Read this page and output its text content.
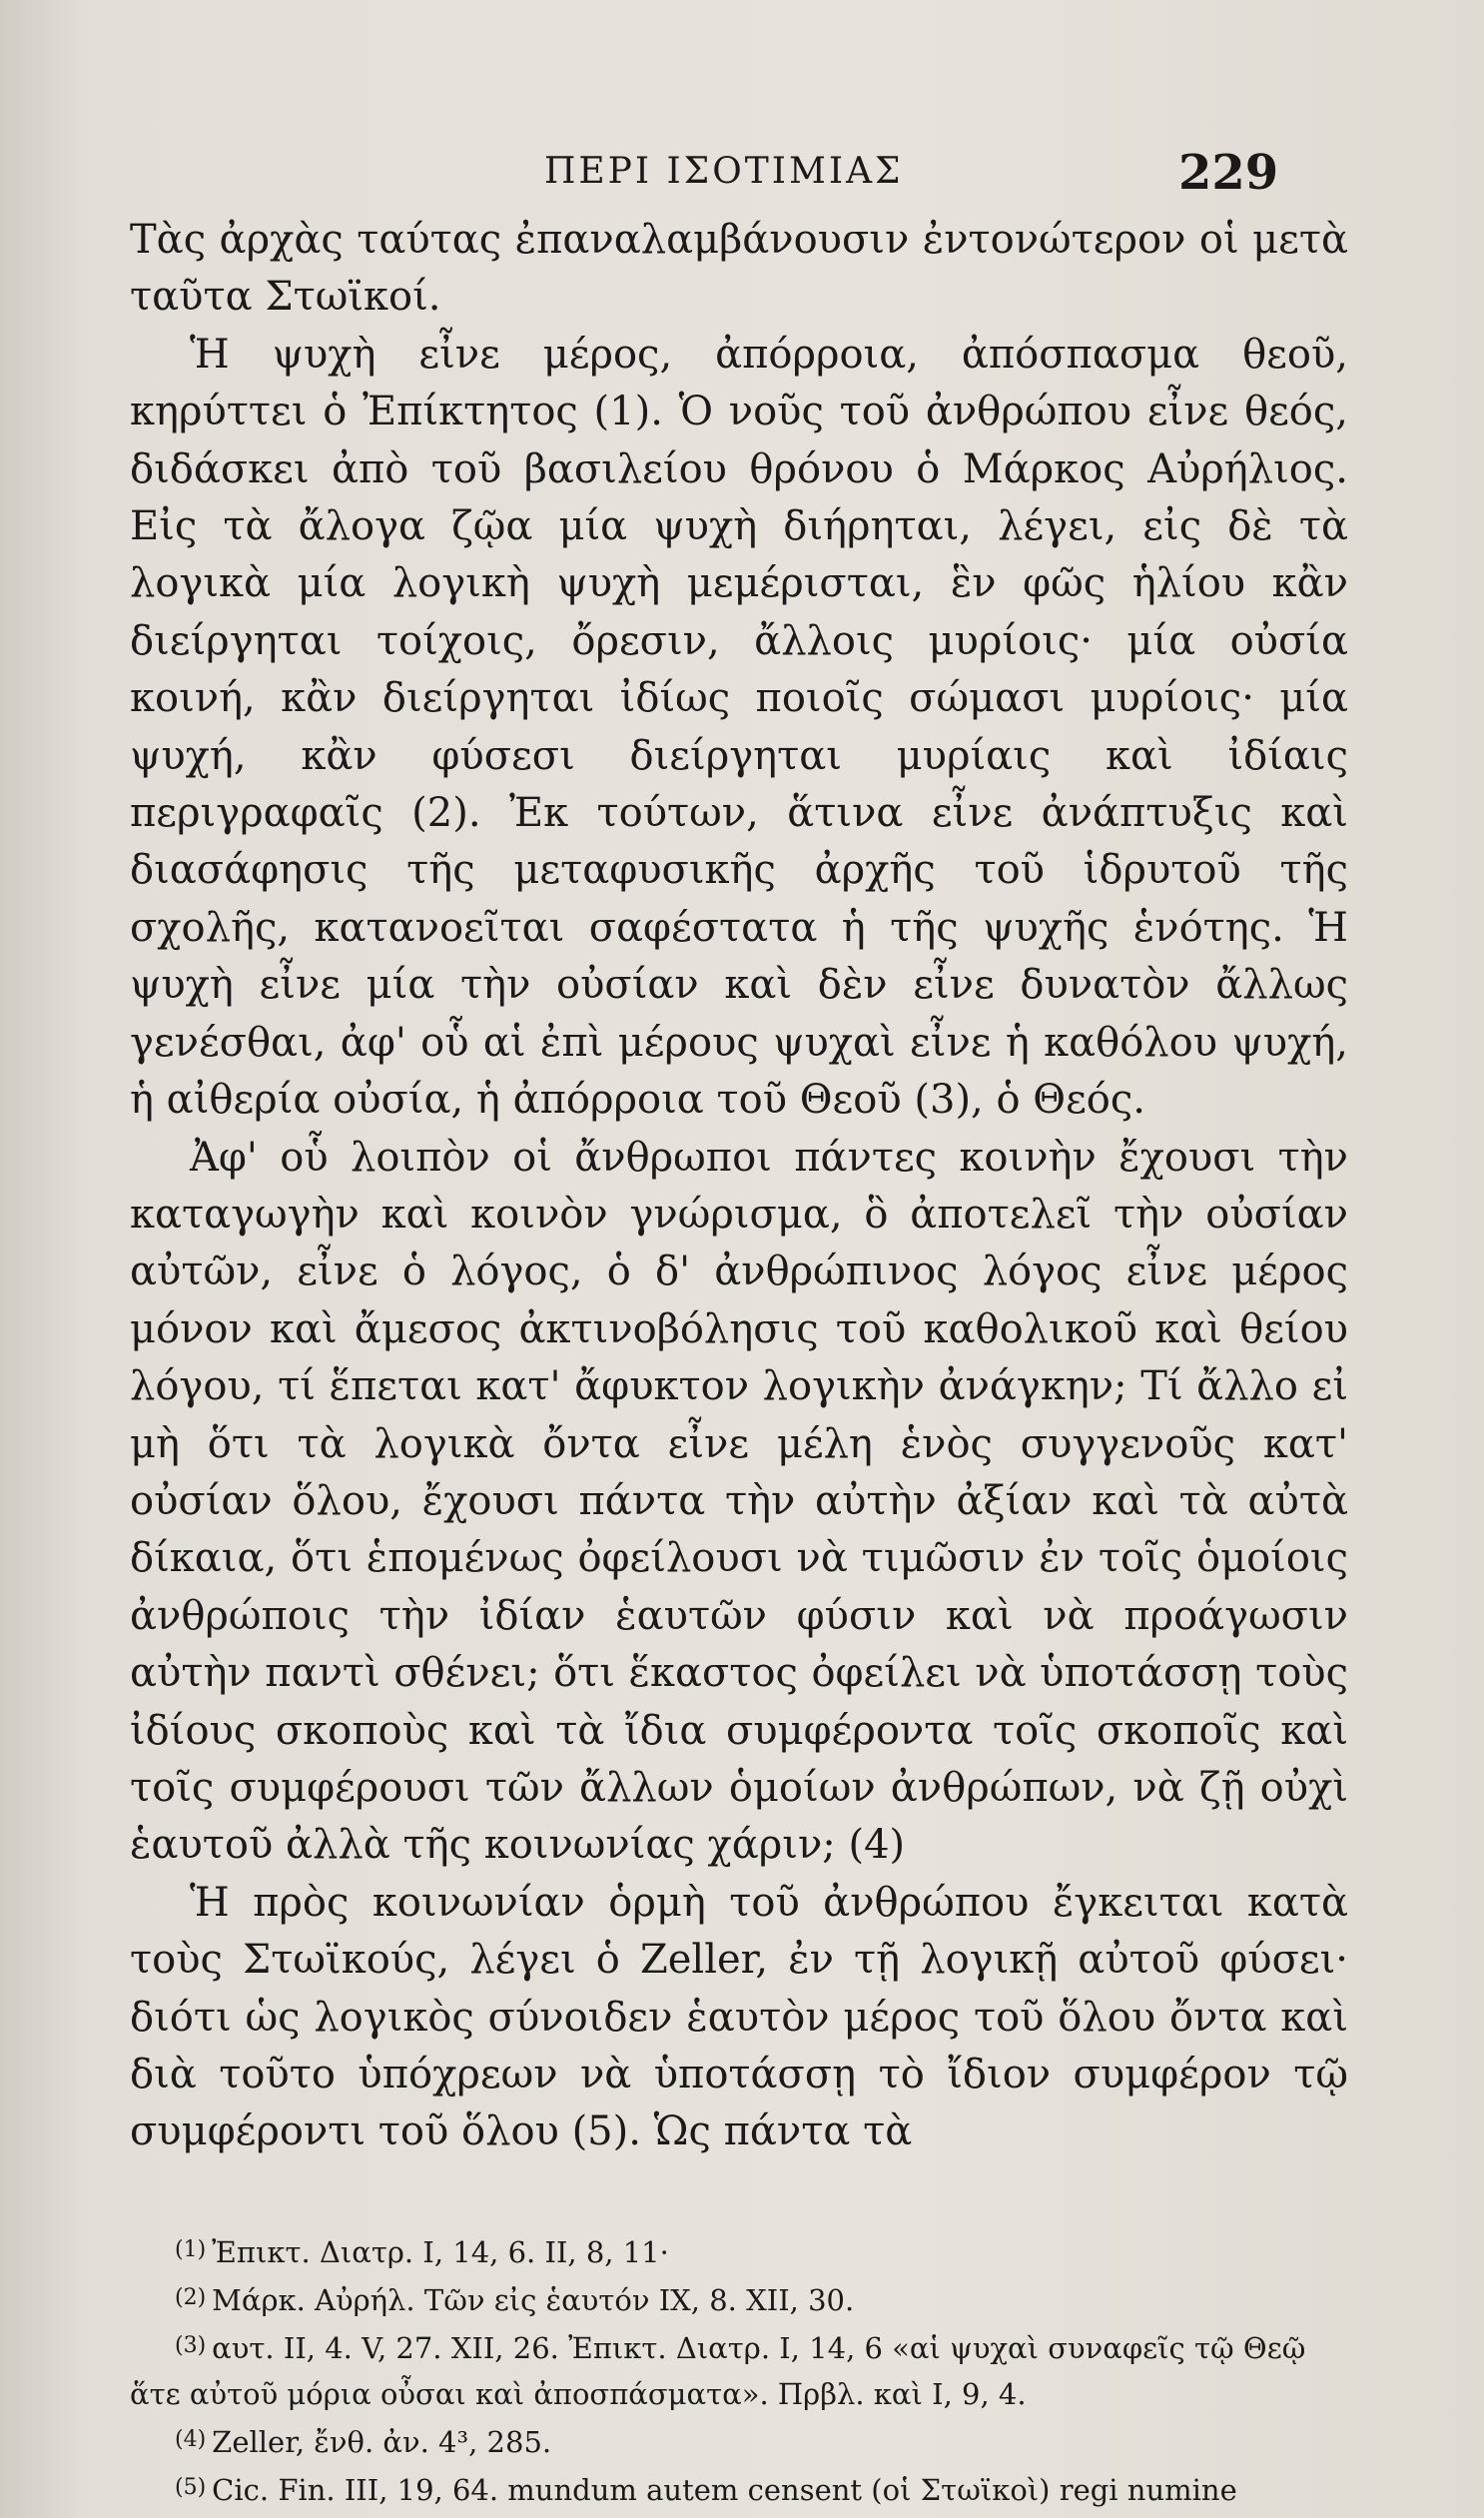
ΠΕΡΙ ΙΣΟΤΙΜΙΑΣ	229

Τὰς ἀρχὰς ταύτας ἐπαναλαμβάνουσιν ἐντονώτερον οἱ μετὰ ταῦτα Στωϊκοί.

Ἡ ψυχὴ εἶνε μέρος, ἀπόρροια, ἀπόσπασμα θεοῦ, κηρύττει ὁ Ἐπίκτητος (1). Ὁ νοῦς τοῦ ἀνθρώπου εἶνε θεός, διδάσκει ἀπὸ τοῦ βασιλείου θρόνου ὁ Μάρκος Αὐρήλιος. Εἰς τὰ ἄλογα ζῷα μία ψυχὴ διήρηται, λέγει, εἰς δὲ τὰ λογικὰ μία λογικὴ ψυχὴ μεμέρισται, ἓν φῶς ἡλίου κἂν διείργηται τοίχοις, ὄρεσιν, ἄλλοις μυρίοις· μία οὐσία κοινή, κἂν διείργηται ἰδίως ποιοῖς σώμασι μυρίοις· μία ψυχή, κἂν φύσεσι διείργηται μυρίαις καὶ ἰδίαις περιγραφαῖς (2). Ἐκ τούτων, ἅτινα εἶνε ἀνάπτυξις καὶ διασάφησις τῆς μεταφυσικῆς ἀρχῆς τοῦ ἱδρυτοῦ τῆς σχολῆς, κατανοεῖται σαφέστατα ἡ τῆς ψυχῆς ἑνότης. Ἡ ψυχὴ εἶνε μία τὴν οὐσίαν καὶ δὲν εἶνε δυνατὸν ἄλλως γενέσθαι, ἀφ' οὗ αἱ ἐπὶ μέρους ψυχαὶ εἶνε ἡ καθόλου ψυχή, ἡ αἰθερία οὐσία, ἡ ἀπόρροια τοῦ Θεοῦ (3), ὁ Θεός.

Ἀφ' οὗ λοιπὸν οἱ ἄνθρωποι πάντες κοινὴν ἔχουσι τὴν καταγωγὴν καὶ κοινὸν γνώρισμα, ὃ ἀποτελεῖ τὴν οὐσίαν αὐτῶν, εἶνε ὁ λόγος, ὁ δ' ἀνθρώπινος λόγος εἶνε μέρος μόνον καὶ ἄμεσος ἀκτινοβόλησις τοῦ καθολικοῦ καὶ θείου λόγου, τί ἕπεται κατ' ἄφυκτον λογικὴν ἀνάγκην; Τί ἄλλο εἰ μὴ ὅτι τὰ λογικὰ ὄντα εἶνε μέλη ἑνὸς συγγενοῦς κατ' οὐσίαν ὅλου, ἔχουσι πάντα τὴν αὐτὴν ἀξίαν καὶ τὰ αὐτὰ δίκαια, ὅτι ἑπομένως ὀφείλουσι νὰ τιμῶσιν ἐν τοῖς ὁμοίοις ἀνθρώποις τὴν ἰδίαν ἑαυτῶν φύσιν καὶ νὰ προάγωσιν αὐτὴν παντὶ σθένει; ὅτι ἕκαστος ὀφείλει νὰ ὑποτάσσῃ τοὺς ἰδίους σκοποὺς καὶ τὰ ἴδια συμφέροντα τοῖς σκοποῖς καὶ τοῖς συμφέρουσι τῶν ἄλλων ὁμοίων ἀνθρώπων, νὰ ζῇ οὐχὶ ἑαυτοῦ ἀλλὰ τῆς κοινωνίας χάριν; (4)

Ἡ πρὸς κοινωνίαν ὁρμὴ τοῦ ἀνθρώπου ἔγκειται κατὰ τοὺς Στωϊκούς, λέγει ὁ Zeller, ἐν τῇ λογικῇ αὐτοῦ φύσει· διότι ὡς λογικὸς σύνοιδεν ἑαυτὸν μέρος τοῦ ὅλου ὄντα καὶ διὰ τοῦτο ὑπόχρεων νὰ ὑποτάσσῃ τὸ ἴδιον συμφέρον τῷ συμφέροντι τοῦ ὅλου (5). Ὡς πάντα τὰ

$^{(1)}$ Ἐπικτ. Διατρ. I, 14, 6. II, 8, 11·

$^{(2)}$ Μάρκ. Αὐρήλ. Τῶν εἰς ἑαυτόν IX, 8. XII, 30.

$^{(3)}$ αυτ. II, 4. V, 27. XII, 26. Ἐπικτ. Διατρ. I, 14, 6 «αἱ ψυχαὶ συναφεῖς τῷ Θεῷ ἅτε αὐτοῦ μόρια οὖσαι καὶ ἀποσπάσματα». Πρβλ. καὶ I, 9, 4.

$^{(4)}$ Zeller, ἔνθ. ἀν. 4³, 285.

$^{(5)}$ Cic. Fin. III, 19, 64. mundum autem censent (οἱ Στωϊκοὶ) regi numine
